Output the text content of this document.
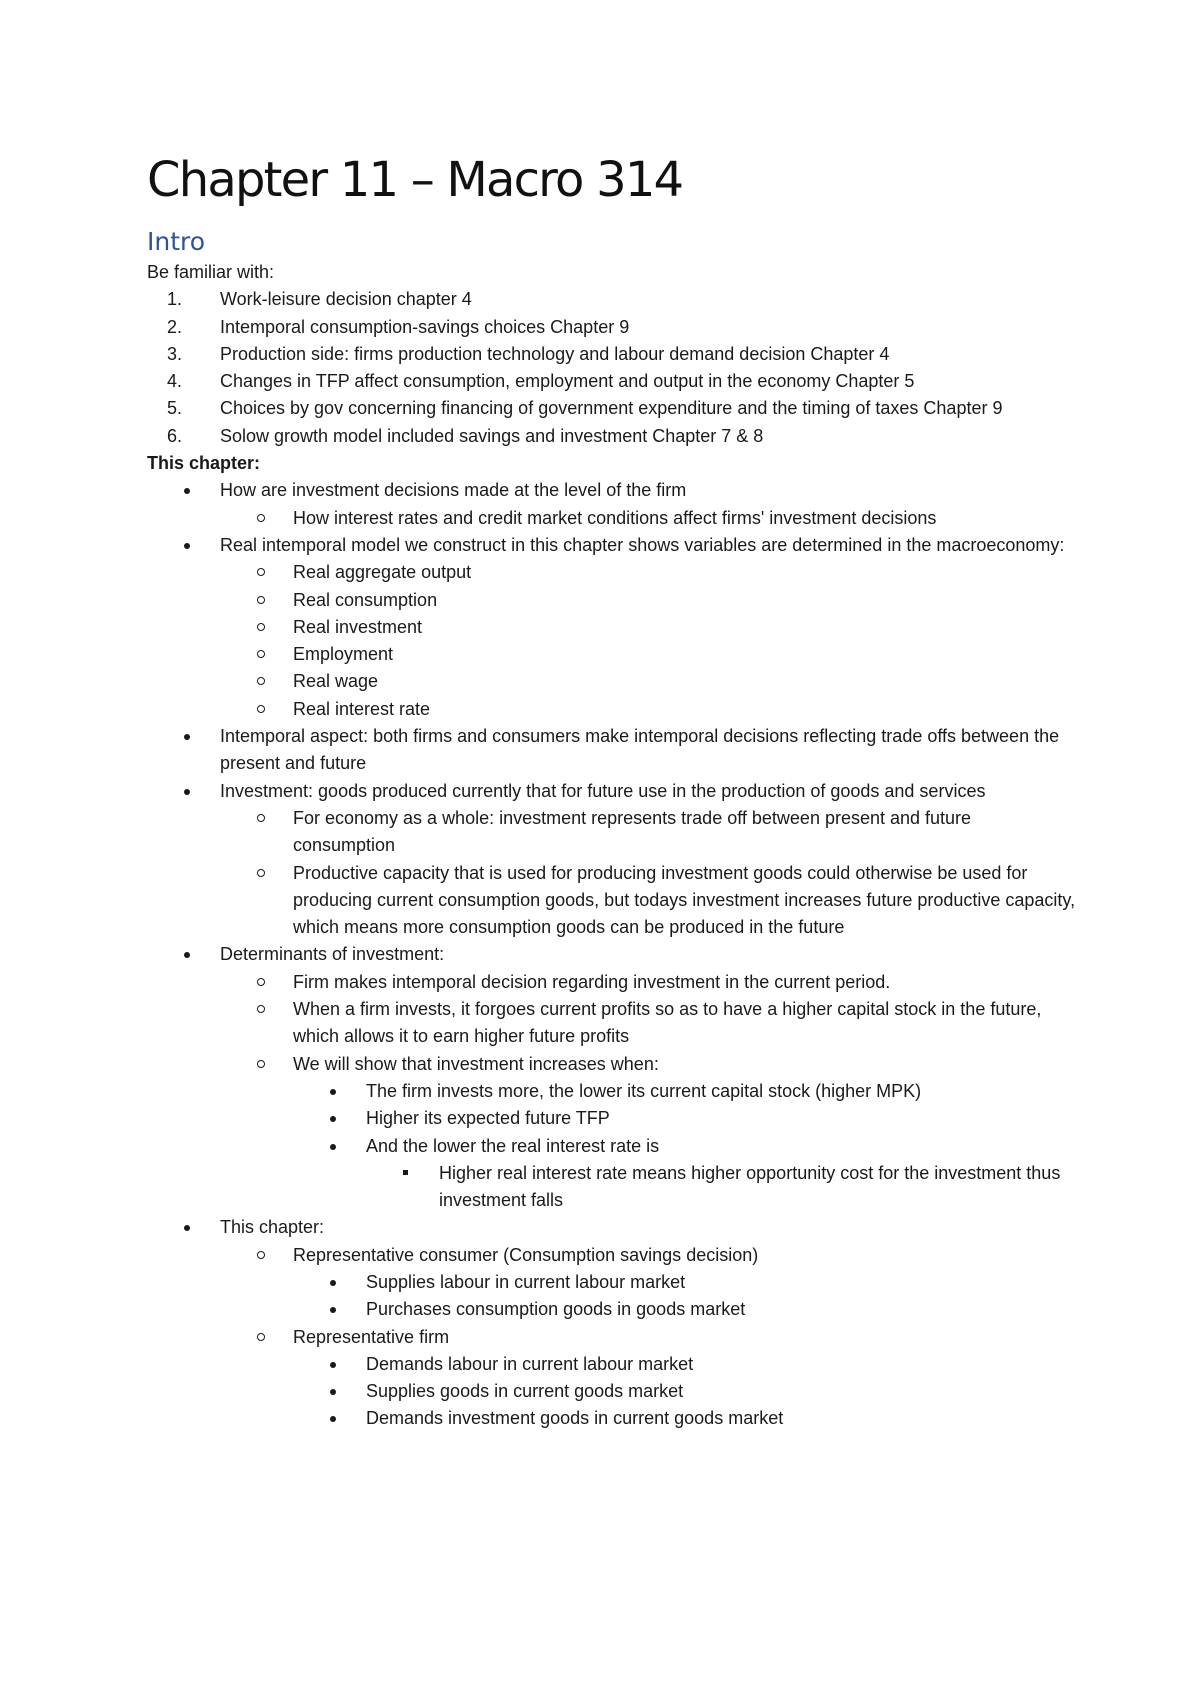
Chapter 11 – Macro 314
Intro
Be familiar with:
1.	Work-leisure decision chapter 4
2.	Intemporal consumption-savings choices Chapter 9
3.	Production side: firms production technology and labour demand decision Chapter 4
4.	Changes in TFP affect consumption, employment and output in the economy Chapter 5
5.	Choices by gov concerning financing of government expenditure and the timing of taxes Chapter 9
6.	Solow growth model included savings and investment Chapter 7 & 8
This chapter:
How are investment decisions made at the level of the firm
How interest rates and credit market conditions affect firms' investment decisions
Real intemporal model we construct in this chapter shows variables are determined in the macroeconomy:
Real aggregate output
Real consumption
Real investment
Employment
Real wage
Real interest rate
Intemporal aspect: both firms and consumers make intemporal decisions reflecting trade offs between the present and future
Investment: goods produced currently that for future use in the production of goods and services
For economy as a whole: investment represents trade off between present and future consumption
Productive capacity that is used for producing investment goods could otherwise be used for producing current consumption goods, but todays investment increases future productive capacity, which means more consumption goods can be produced in the future
Determinants of investment:
Firm makes intemporal decision regarding investment in the current period.
When a firm invests, it forgoes current profits so as to have a higher capital stock in the future, which allows it to earn higher future profits
We will show that investment increases when:
The firm invests more, the lower its current capital stock (higher MPK)
Higher its expected future TFP
And the lower the real interest rate is
Higher real interest rate means higher opportunity cost for the investment thus investment falls
This chapter:
Representative consumer (Consumption savings decision)
Supplies labour in current labour market
Purchases consumption goods in goods market
Representative firm
Demands labour in current labour market
Supplies goods in current goods market
Demands investment goods in current goods market
